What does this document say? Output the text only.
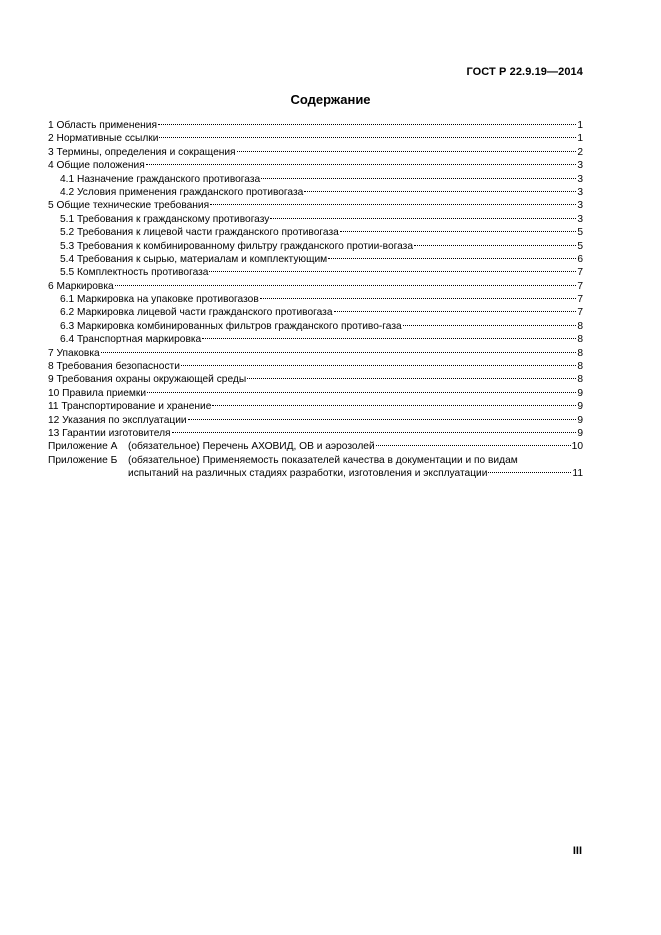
ГОСТ Р 22.9.19—2014
Содержание
1 Область применения	1
2 Нормативные ссылки	1
3 Термины, определения и сокращения	2
4 Общие положения	3
4.1 Назначение гражданского противогаза	3
4.2 Условия применения гражданского противогаза	3
5 Общие технические требования	3
5.1 Требования к гражданскому противогазу	3
5.2 Требования к лицевой части гражданского противогаза	5
5.3 Требования к комбинированному фильтру гражданского протии-вогаза	5
5.4 Требования к сырью, материалам и комплектующим	6
5.5 Комплектность противогаза	7
6 Маркировка	7
6.1 Маркировка на упаковке противогазов	7
6.2 Маркировка лицевой части гражданского противогаза	7
6.3 Маркировка комбинированных фильтров гражданского противо-газа	8
6.4 Транспортная маркировка	8
7 Упаковка	8
8 Требования безопасности	8
9 Требования охраны окружающей среды	8
10 Правила приемки	9
11 Транспортирование и хранение	9
12 Указания по эксплуатации	9
13 Гарантии изготовителя	9
Приложение А	(обязательное) Перечень АХОВИД, ОВ и аэрозолей	10
Приложение Б	(обязательное) Применяемость показателей качества в документации и по видам
испытаний на различных стадиях разработки, изготовления и эксплуатации	11
III
